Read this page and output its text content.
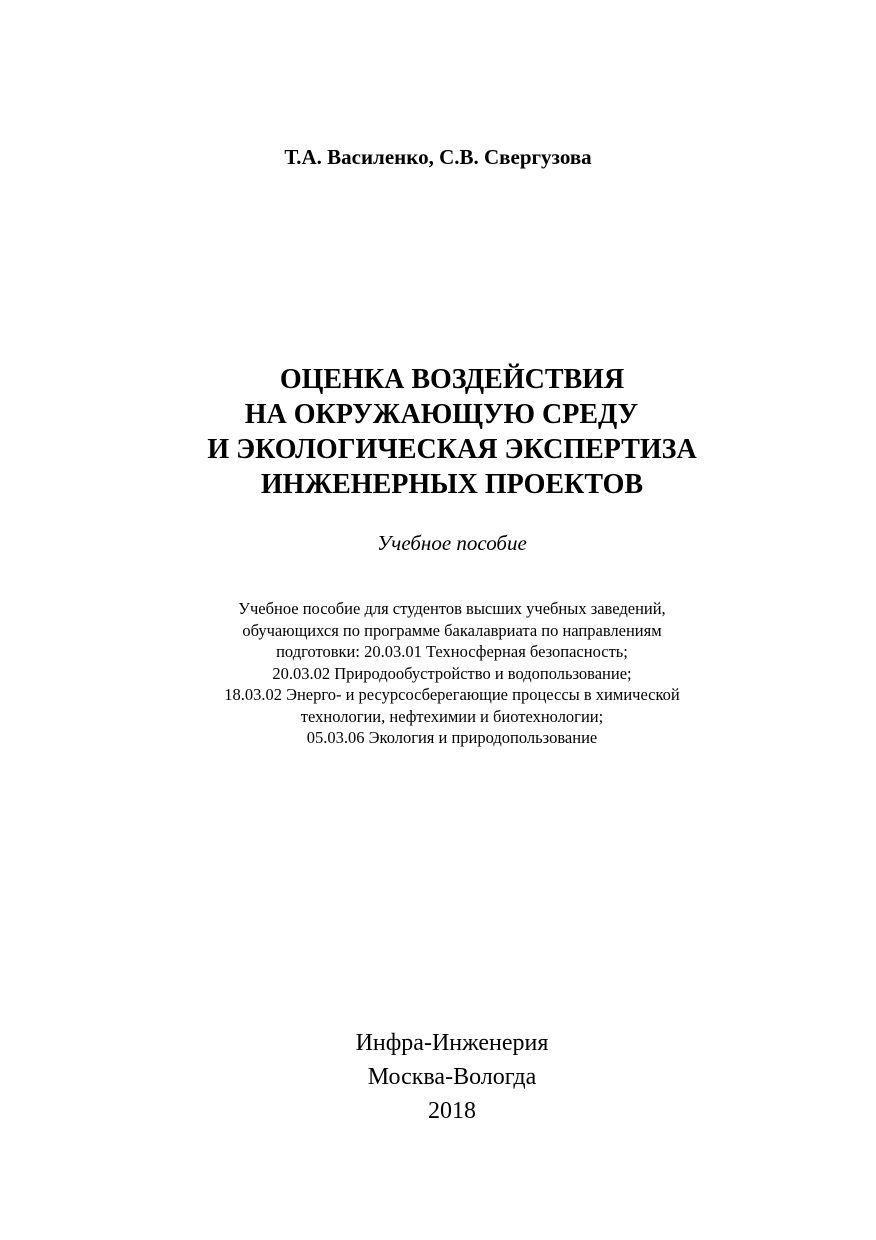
Т.А. Василенко, С.В. Свергузова
ОЦЕНКА ВОЗДЕЙСТВИЯ
НА ОКРУЖАЮЩУЮ СРЕДУ
И ЭКОЛОГИЧЕСКАЯ ЭКСПЕРТИЗА
ИНЖЕНЕРНЫХ ПРОЕКТОВ
Учебное пособие
Учебное пособие для студентов высших учебных заведений,
обучающихся по программе бакалавриата по направлениям
подготовки: 20.03.01 Техносферная безопасность;
20.03.02 Природообустройство и водопользование;
18.03.02 Энерго- и ресурсосберегающие процессы в химической
технологии, нефтехимии и биотехнологии;
05.03.06 Экология и природопользование
Инфра-Инженерия
Москва-Вологда
2018
